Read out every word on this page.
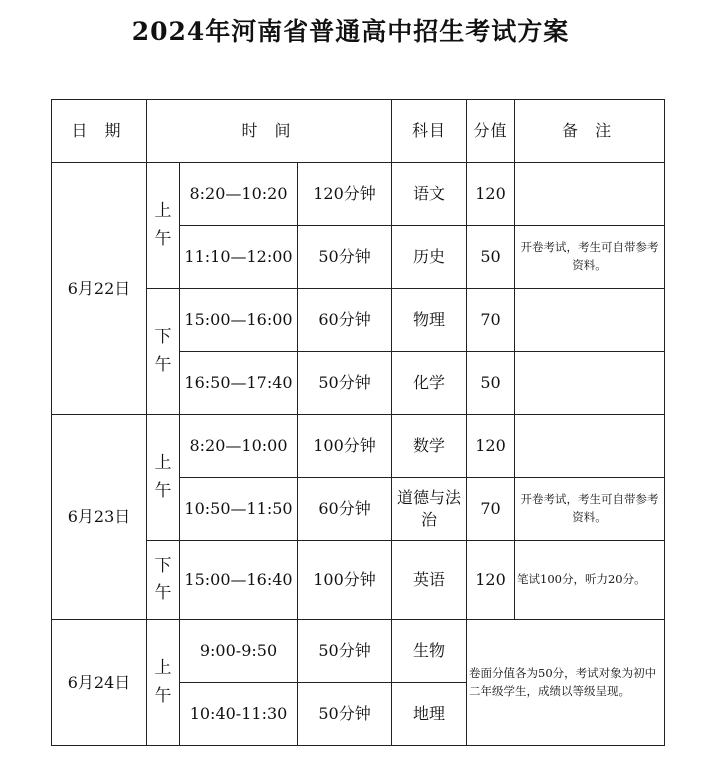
2024年河南省普通高中招生考试方案
日 期	时 间			科目	分值	备 注
6月22日	上午	8:20—10:20	120分钟	语文	120	
		11:10—12:00	50分钟	历史	50	开卷考试，考生可自带参考资料。
	下午	15:00—16:00	60分钟	物理	70	
		16:50—17:40	50分钟	化学	50	
6月23日	上午	8:20—10:00	100分钟	数学	120	
		10:50—11:50	60分钟	道德与法治	70	开卷考试，考生可自带参考资料。
	下午	15:00—16:40	100分钟	英语	120	笔试100分，听力20分。
6月24日	上午	9:00-9:50	50分钟	生物	卷面分值各为50分，考试对象为初中二年级学生，成绩以等级呈现。	
		10:40-11:30	50分钟	地理		
